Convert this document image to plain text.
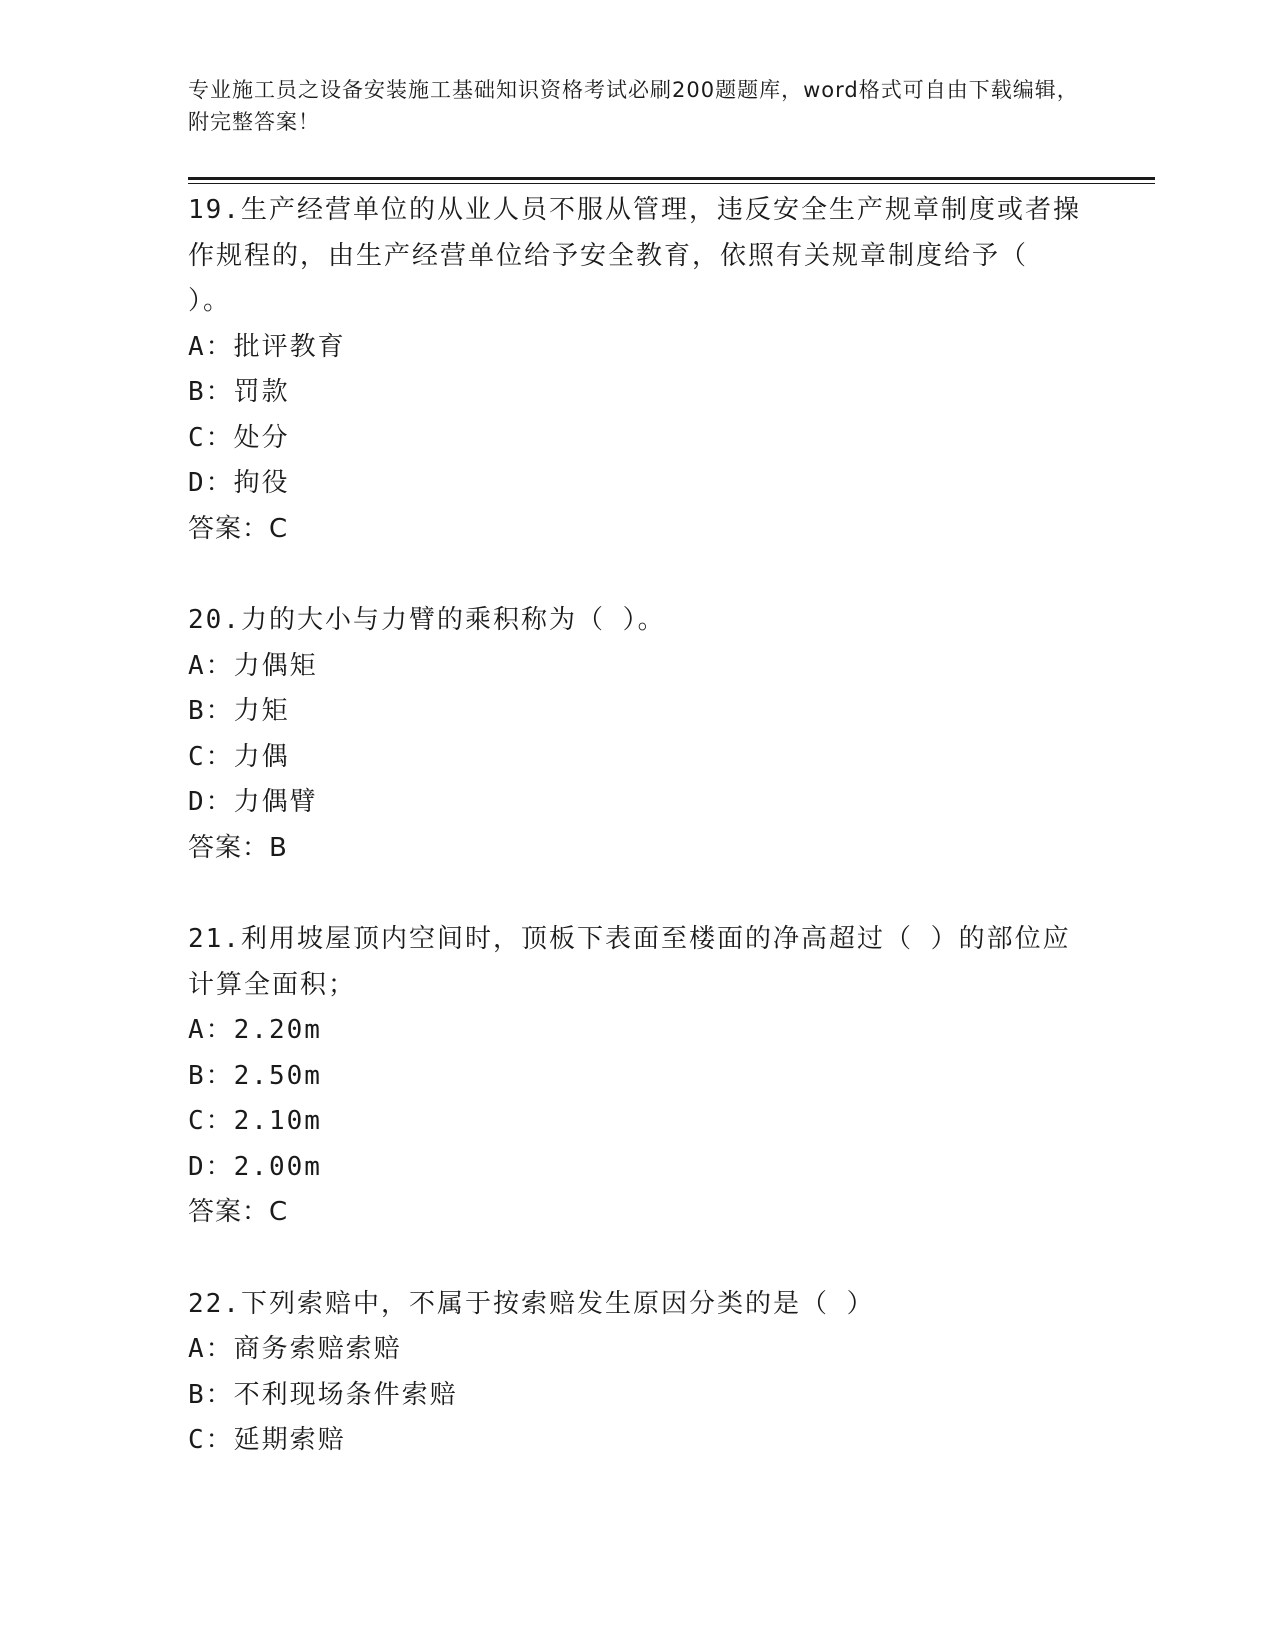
专业施工员之设备安装施工基础知识资格考试必刷200题题库，word格式可自由下载编辑，附完整答案！
19.生产经营单位的从业人员不服从管理，违反安全生产规章制度或者操作规程的，由生产经营单位给予安全教育，依照有关规章制度给予（ ）。
A：批评教育
B：罚款
C：处分
D：拘役
答案：C
20.力的大小与力臂的乘积称为（ ）。
A：力偶矩
B：力矩
C：力偶
D：力偶臂
答案：B
21.利用坡屋顶内空间时，顶板下表面至楼面的净高超过（ ）的部位应计算全面积；
A：2.20m
B：2.50m
C：2.10m
D：2.00m
答案：C
22.下列索赔中，不属于按索赔发生原因分类的是（ ）
A：商务索赔索赔
B：不利现场条件索赔
C：延期索赔
